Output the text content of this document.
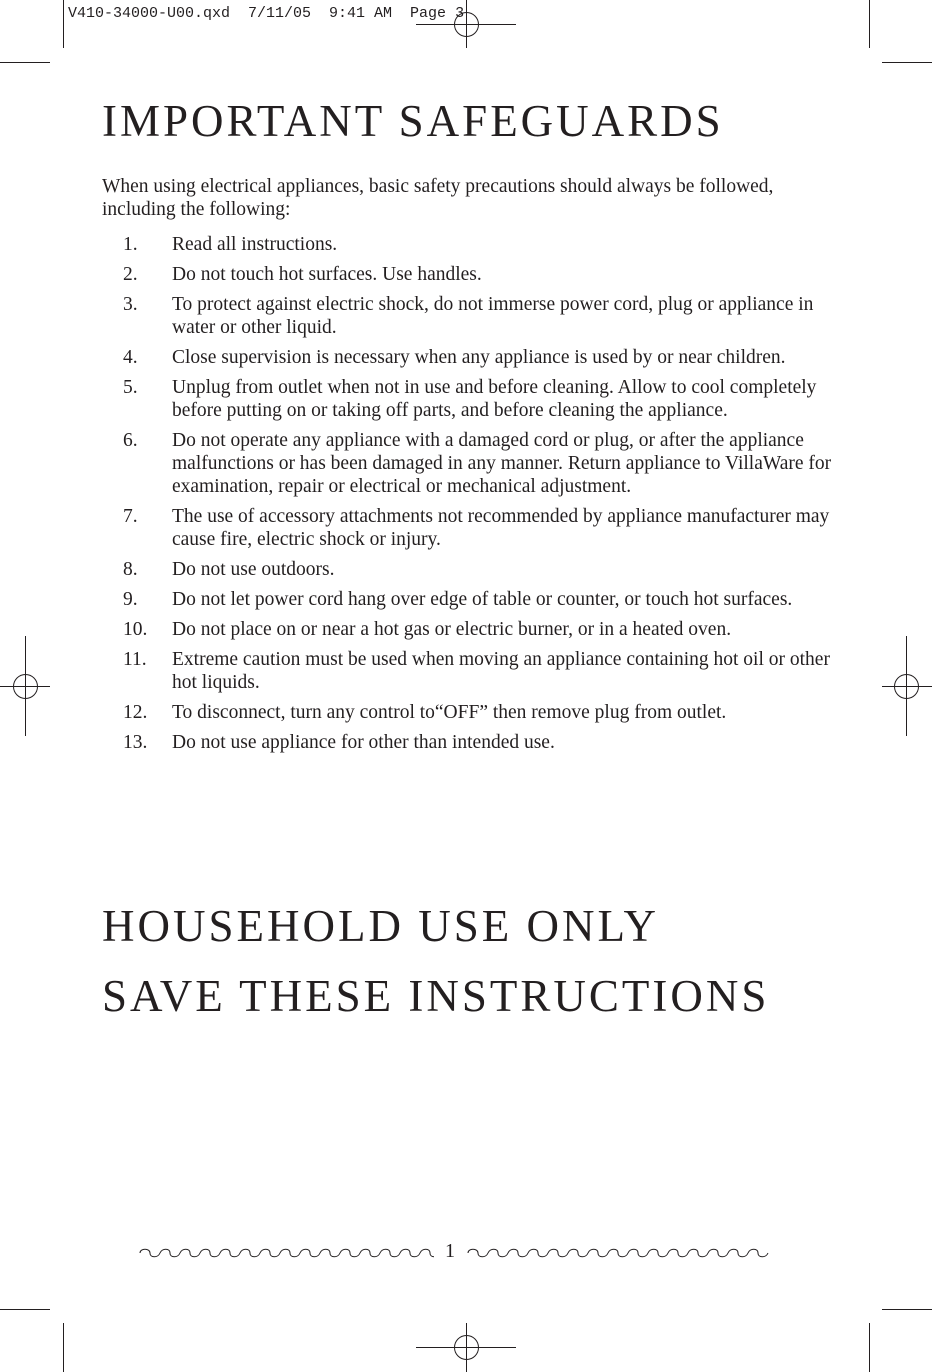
V410-34000-U00.qxd  7/11/05  9:41 AM  Page 3
IMPORTANT SAFEGUARDS

When using electrical appliances, basic safety precautions should always be followed, including the following:

1. Read all instructions.
2. Do not touch hot surfaces. Use handles.
3. To protect against electric shock, do not immerse power cord, plug or appliance in water or other liquid.
4. Close supervision is necessary when any appliance is used by or near children.
5. Unplug from outlet when not in use and before cleaning. Allow to cool completely before putting on or taking off parts, and before cleaning the appliance.
6. Do not operate any appliance with a damaged cord or plug, or after the appliance malfunctions or has been damaged in any manner. Return appliance to VillaWare for examination, repair or electrical or mechanical adjustment.
7. The use of accessory attachments not recommended by appliance manufacturer may cause fire, electric shock or injury.
8. Do not use outdoors.
9. Do not let power cord hang over edge of table or counter, or touch hot surfaces.
10. Do not place on or near a hot gas or electric burner, or in a heated oven.
11. Extreme caution must be used when moving an appliance containing hot oil or other hot liquids.
12. To disconnect, turn any control to“OFF” then remove plug from outlet.
13. Do not use appliance for other than intended use.
HOUSEHOLD USE ONLY
SAVE THESE INSTRUCTIONS
1
